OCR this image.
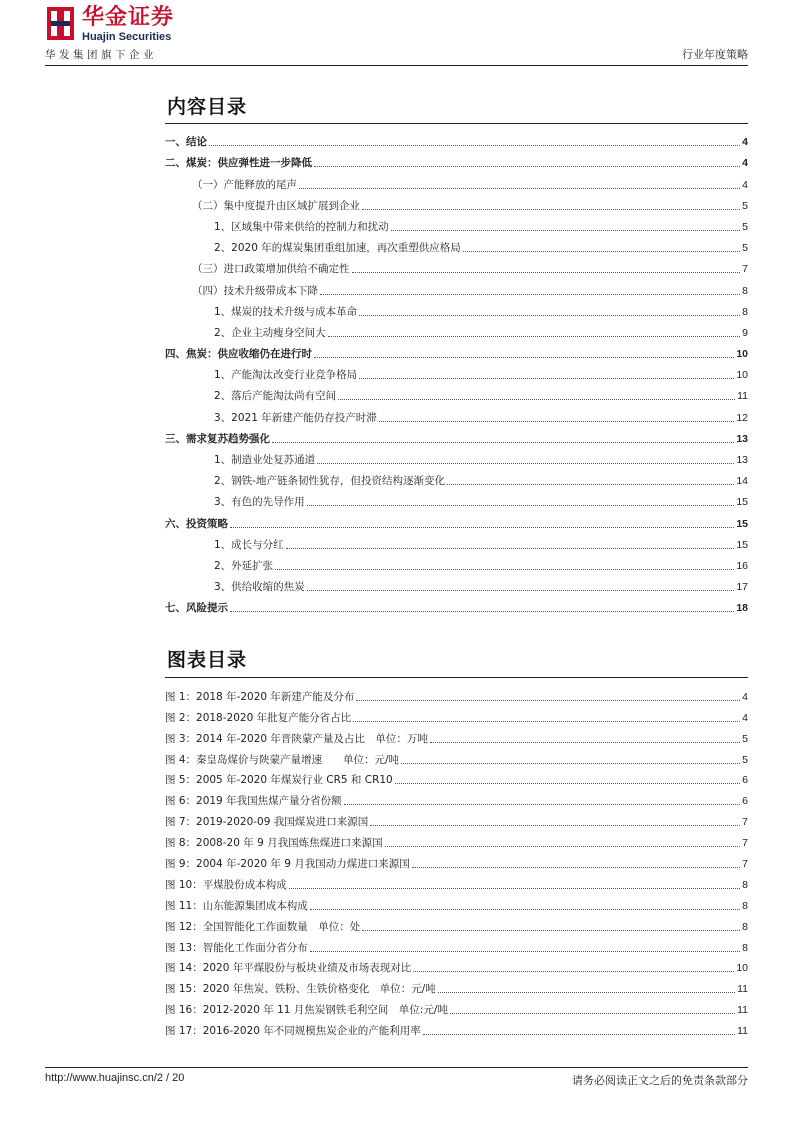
华金证券
Huajin Securities
华发集团旗下企业	行业年度策略
内容目录
一、结论	4
二、煤炭：供应弹性进一步降低	4
（一）产能释放的尾声	4
（二）集中度提升由区域扩展到企业	5
1、区域集中带来供给的控制力和扰动	5
2、2020 年的煤炭集团重组加速，再次重塑供应格局	5
（三）进口政策增加供给不确定性	7
（四）技术升级带成本下降	8
1、煤炭的技术升级与成本革命	8
2、企业主动瘦身空间大	9
四、焦炭：供应收缩仍在进行时	10
1、产能淘汰改变行业竞争格局	10
2、落后产能淘汰尚有空间	11
3、2021 年新建产能仍存投产时滞	12
三、需求复苏趋势强化	13
1、制造业处复苏通道	13
2、钢铁-地产链条韧性犹存，但投资结构逐渐变化	14
3、有色的先导作用	15
六、投资策略	15
1、成长与分红	15
2、外延扩张	16
3、供给收缩的焦炭	17
七、风险提示	18
图表目录
图 1：2018 年-2020 年新建产能及分布	4
图 2：2018-2020 年批复产能分省占比	4
图 3：2014 年-2020 年晋陕蒙产量及占比　单位：万吨	5
图 4：秦皇岛煤价与陕蒙产量增速　　单位：元/吨	5
图 5：2005 年-2020 年煤炭行业 CR5 和 CR10	6
图 6：2019 年我国焦煤产量分省份额	6
图 7：2019-2020-09 我国煤炭进口来源国	7
图 8：2008-20 年 9 月我国炼焦煤进口来源国	7
图 9：2004 年-2020 年 9 月我国动力煤进口来源国	7
图 10：平煤股份成本构成	8
图 11：山东能源集团成本构成	8
图 12：全国智能化工作面数量　单位：处	8
图 13：智能化工作面分省分布	8
图 14：2020 年平煤股份与板块业绩及市场表现对比	10
图 15：2020 年焦炭、铁粉、生铁价格变化　单位：元/吨	11
图 16：2012-2020 年 11 月焦炭钢铁毛利空间　单位:元/吨	11
图 17：2016-2020 年不同规模焦炭企业的产能利用率	11
http://www.huajinsc.cn/2 / 20	请务必阅读正文之后的免责条款部分
